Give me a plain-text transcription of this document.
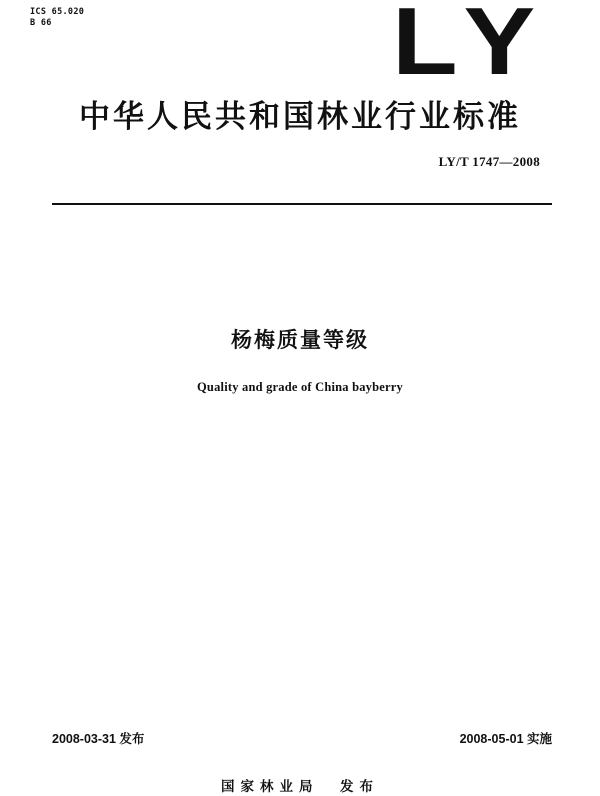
ICS 65.020
B 66	LY
中华人民共和国林业行业标准
LY/T 1747—2008
杨梅质量等级
Quality and grade of China bayberry
2008-03-31 发布	2008-05-01 实施
国家林业局  发布
